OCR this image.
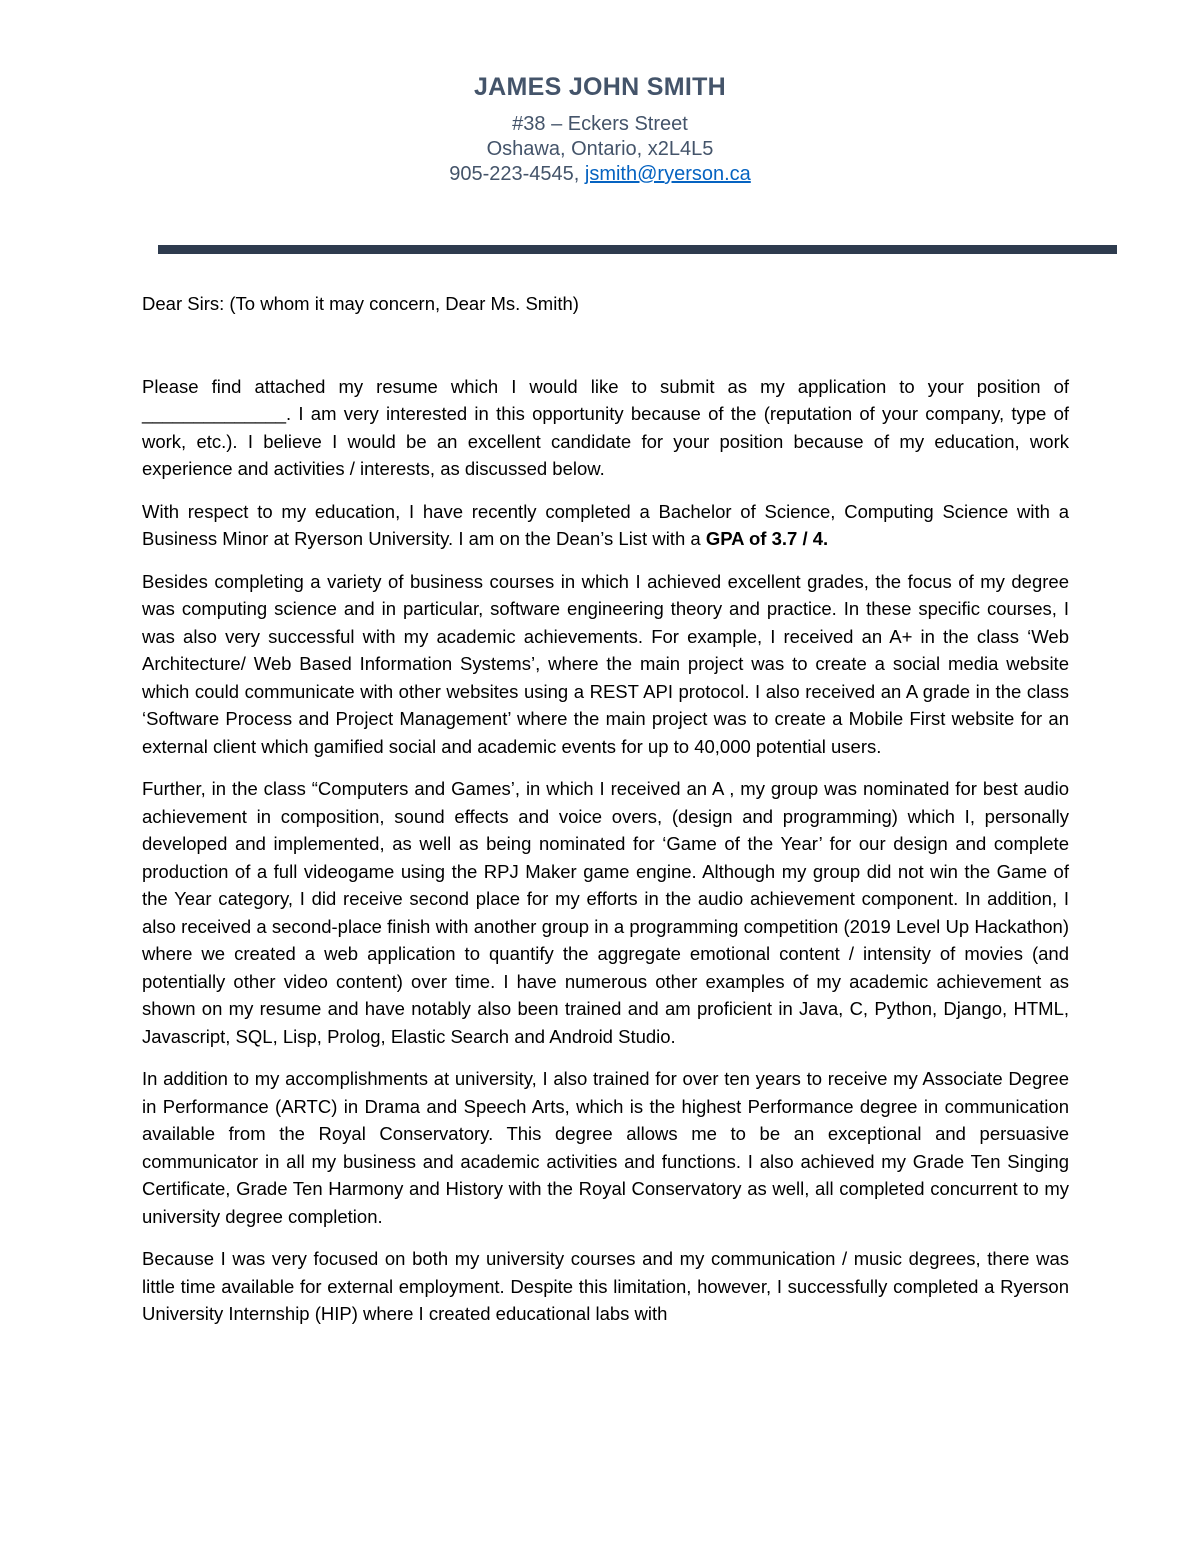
JAMES JOHN SMITH
#38 – Eckers Street
Oshawa, Ontario, x2L4L5
905-223-4545, jsmith@ryerson.ca

Dear Sirs: (To whom it may concern, Dear Ms. Smith)

Please find attached my resume which I would like to submit as my application to your position of ______________. I am very interested in this opportunity because of the (reputation of your company, type of work, etc.). I believe I would be an excellent candidate for your position because of my education, work experience and activities / interests, as discussed below.

With respect to my education, I have recently completed a Bachelor of Science, Computing Science with a Business Minor at Ryerson University. I am on the Dean’s List with a GPA of 3.7 / 4.

Besides completing a variety of business courses in which I achieved excellent grades, the focus of my degree was computing science and in particular, software engineering theory and practice. In these specific courses, I was also very successful with my academic achievements. For example, I received an A+ in the class ‘Web Architecture/ Web Based Information Systems’, where the main project was to create a social media website which could communicate with other websites using a REST API protocol. I also received an A grade in the class ‘Software Process and Project Management’ where the main project was to create a Mobile First website for an external client which gamified social and academic events for up to 40,000 potential users.

Further, in the class “Computers and Games’, in which I received an A , my group was nominated for best audio achievement in composition, sound effects and voice overs, (design and programming) which I, personally developed and implemented, as well as being nominated for ‘Game of the Year’ for our design and complete production of a full videogame using the RPJ Maker game engine. Although my group did not win the Game of the Year category, I did receive second place for my efforts in the audio achievement component. In addition, I also received a second-place finish with another group in a programming competition (2019 Level Up Hackathon) where we created a web application to quantify the aggregate emotional content / intensity of movies (and potentially other video content) over time. I have numerous other examples of my academic achievement as shown on my resume and have notably also been trained and am proficient in Java, C, Python, Django, HTML, Javascript, SQL, Lisp, Prolog, Elastic Search and Android Studio.

In addition to my accomplishments at university, I also trained for over ten years to receive my Associate Degree in Performance (ARTC) in Drama and Speech Arts, which is the highest Performance degree in communication available from the Royal Conservatory. This degree allows me to be an exceptional and persuasive communicator in all my business and academic activities and functions. I also achieved my Grade Ten Singing Certificate, Grade Ten Harmony and History with the Royal Conservatory as well, all completed concurrent to my university degree completion.

Because I was very focused on both my university courses and my communication / music degrees, there was little time available for external employment. Despite this limitation, however, I successfully completed a Ryerson University Internship (HIP) where I created educational labs with
